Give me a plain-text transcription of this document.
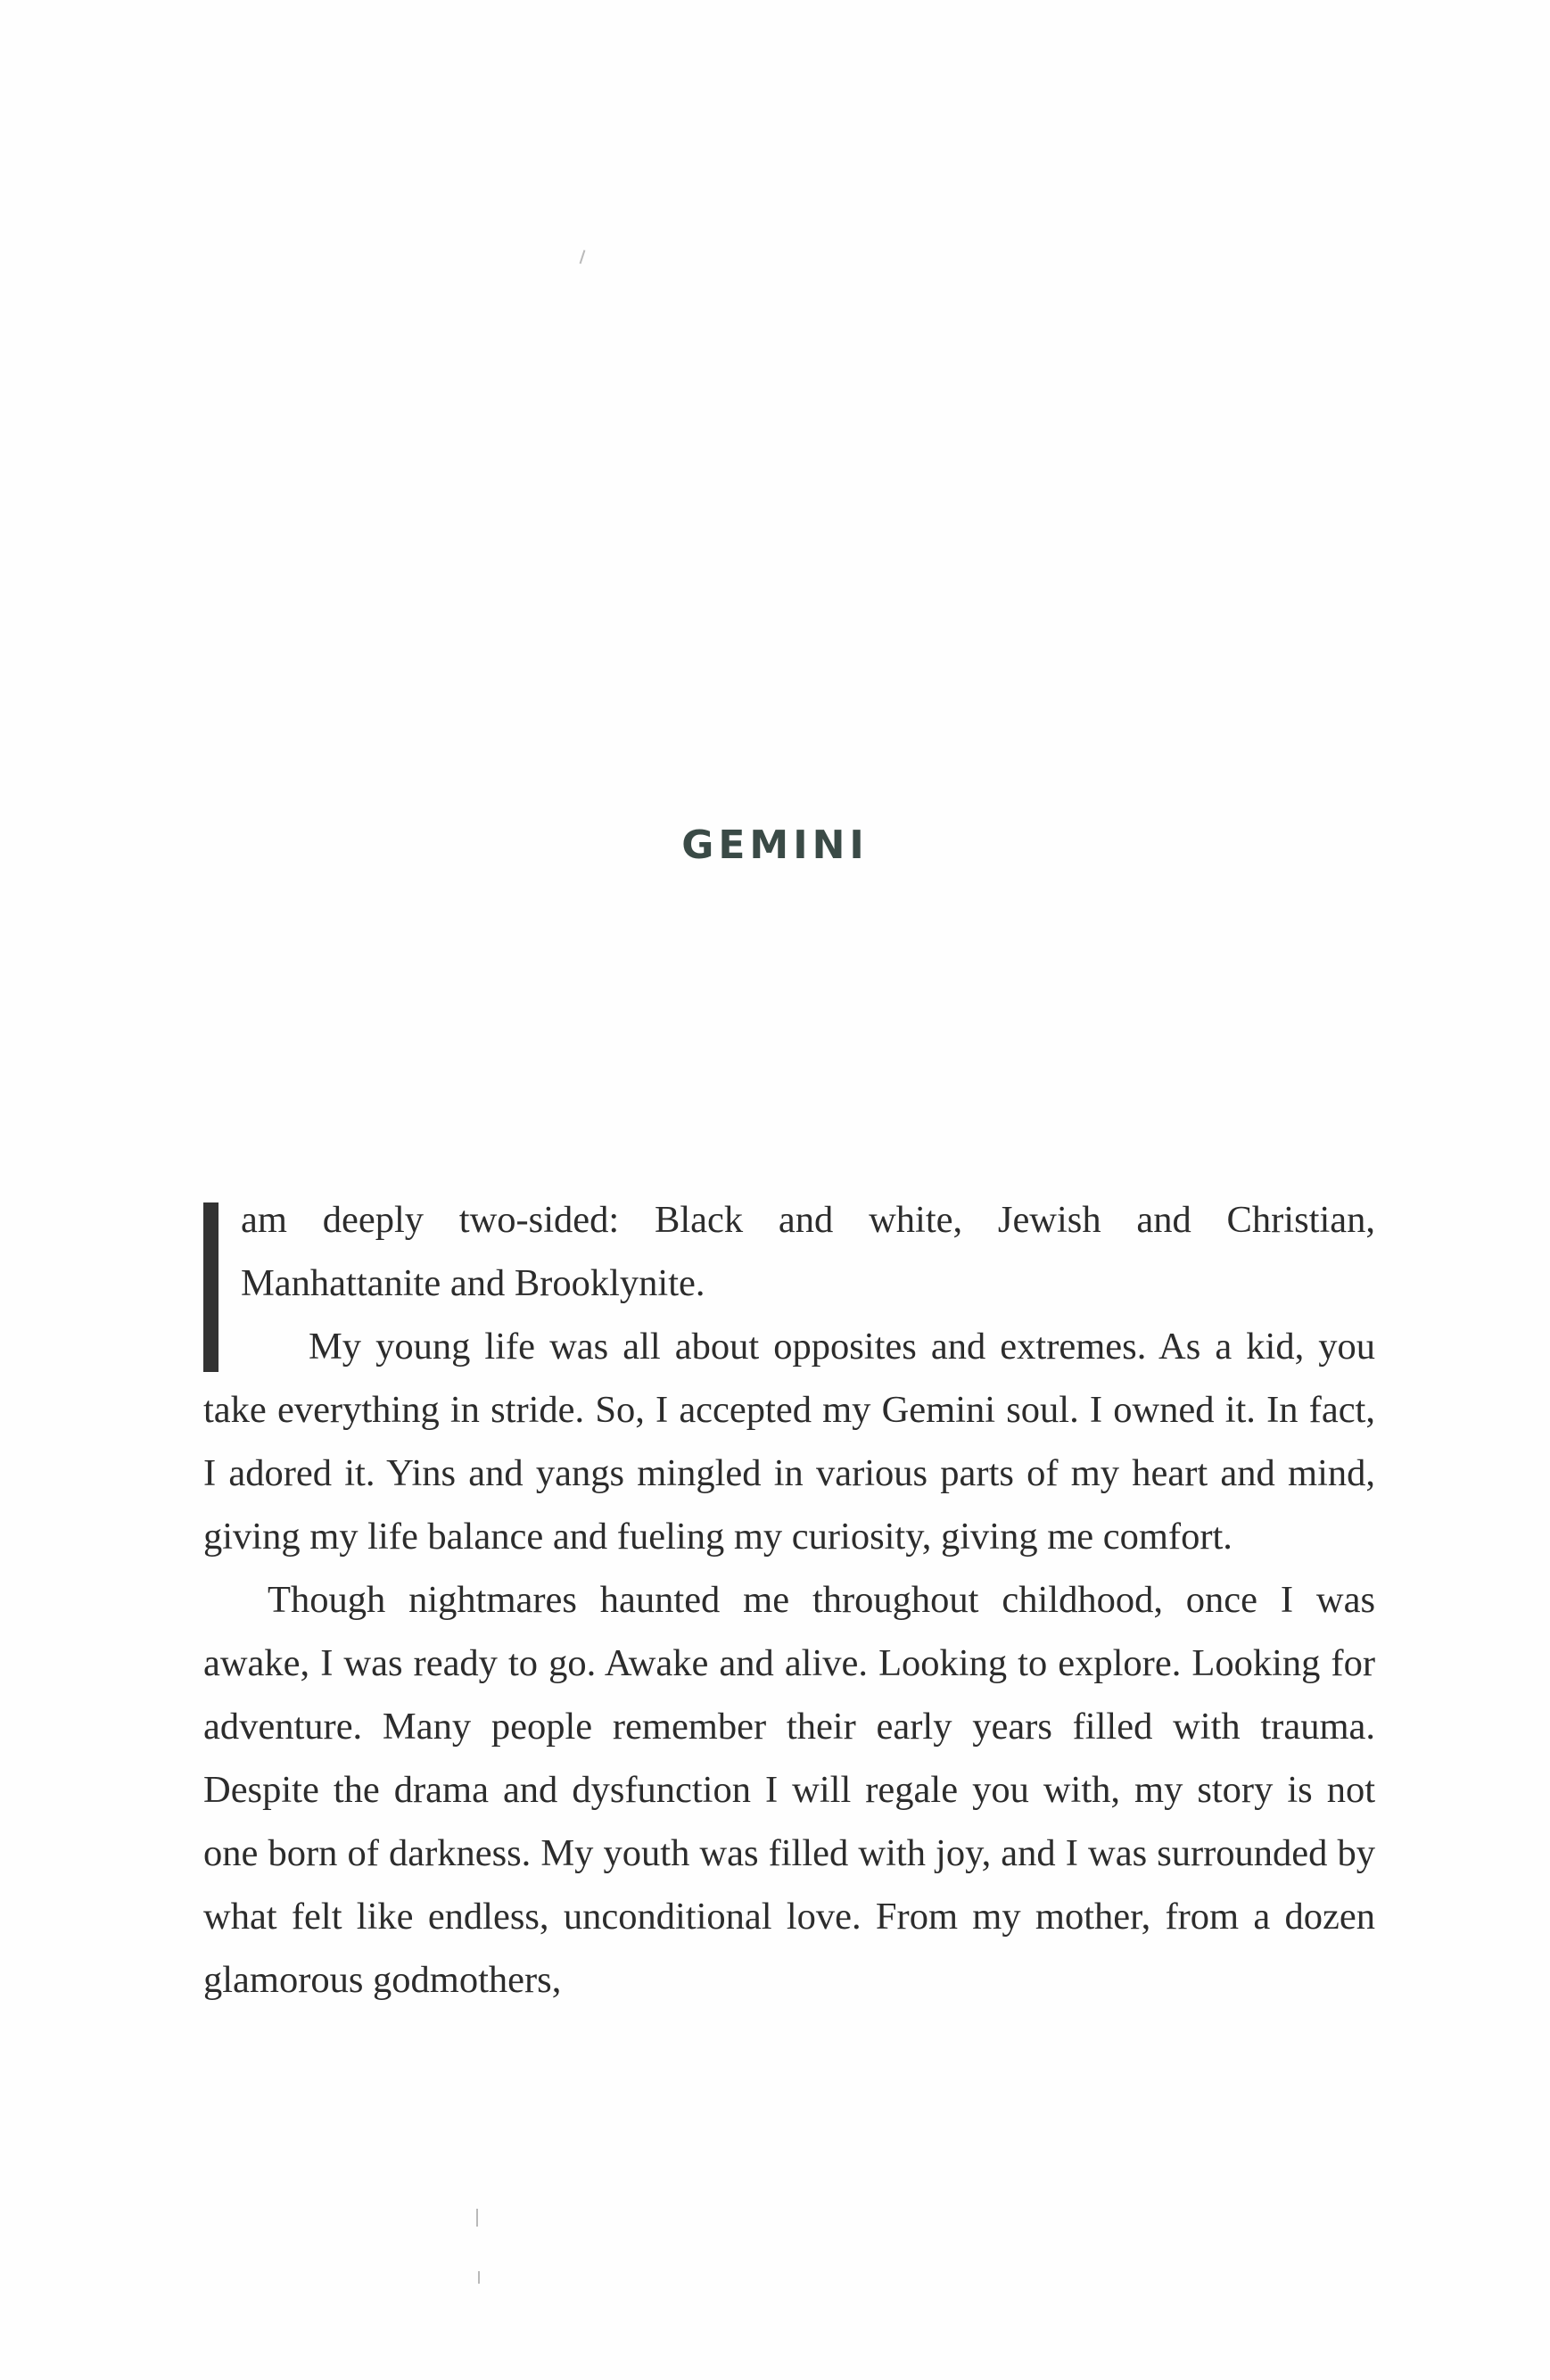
GEMINI

am deeply two-sided: Black and white, Jewish and Christian, Manhattanite and Brooklynite.

My young life was all about opposites and extremes. As a kid, you take everything in stride. So, I accepted my Gemini soul. I owned it. In fact, I adored it. Yins and yangs mingled in various parts of my heart and mind, giving my life balance and fueling my curiosity, giving me comfort.

Though nightmares haunted me throughout childhood, once I was awake, I was ready to go. Awake and alive. Looking to explore. Looking for adventure. Many people remember their early years filled with trauma. Despite the drama and dysfunction I will regale you with, my story is not one born of darkness. My youth was filled with joy, and I was surrounded by what felt like endless, unconditional love. From my mother, from a dozen glamorous godmothers,
